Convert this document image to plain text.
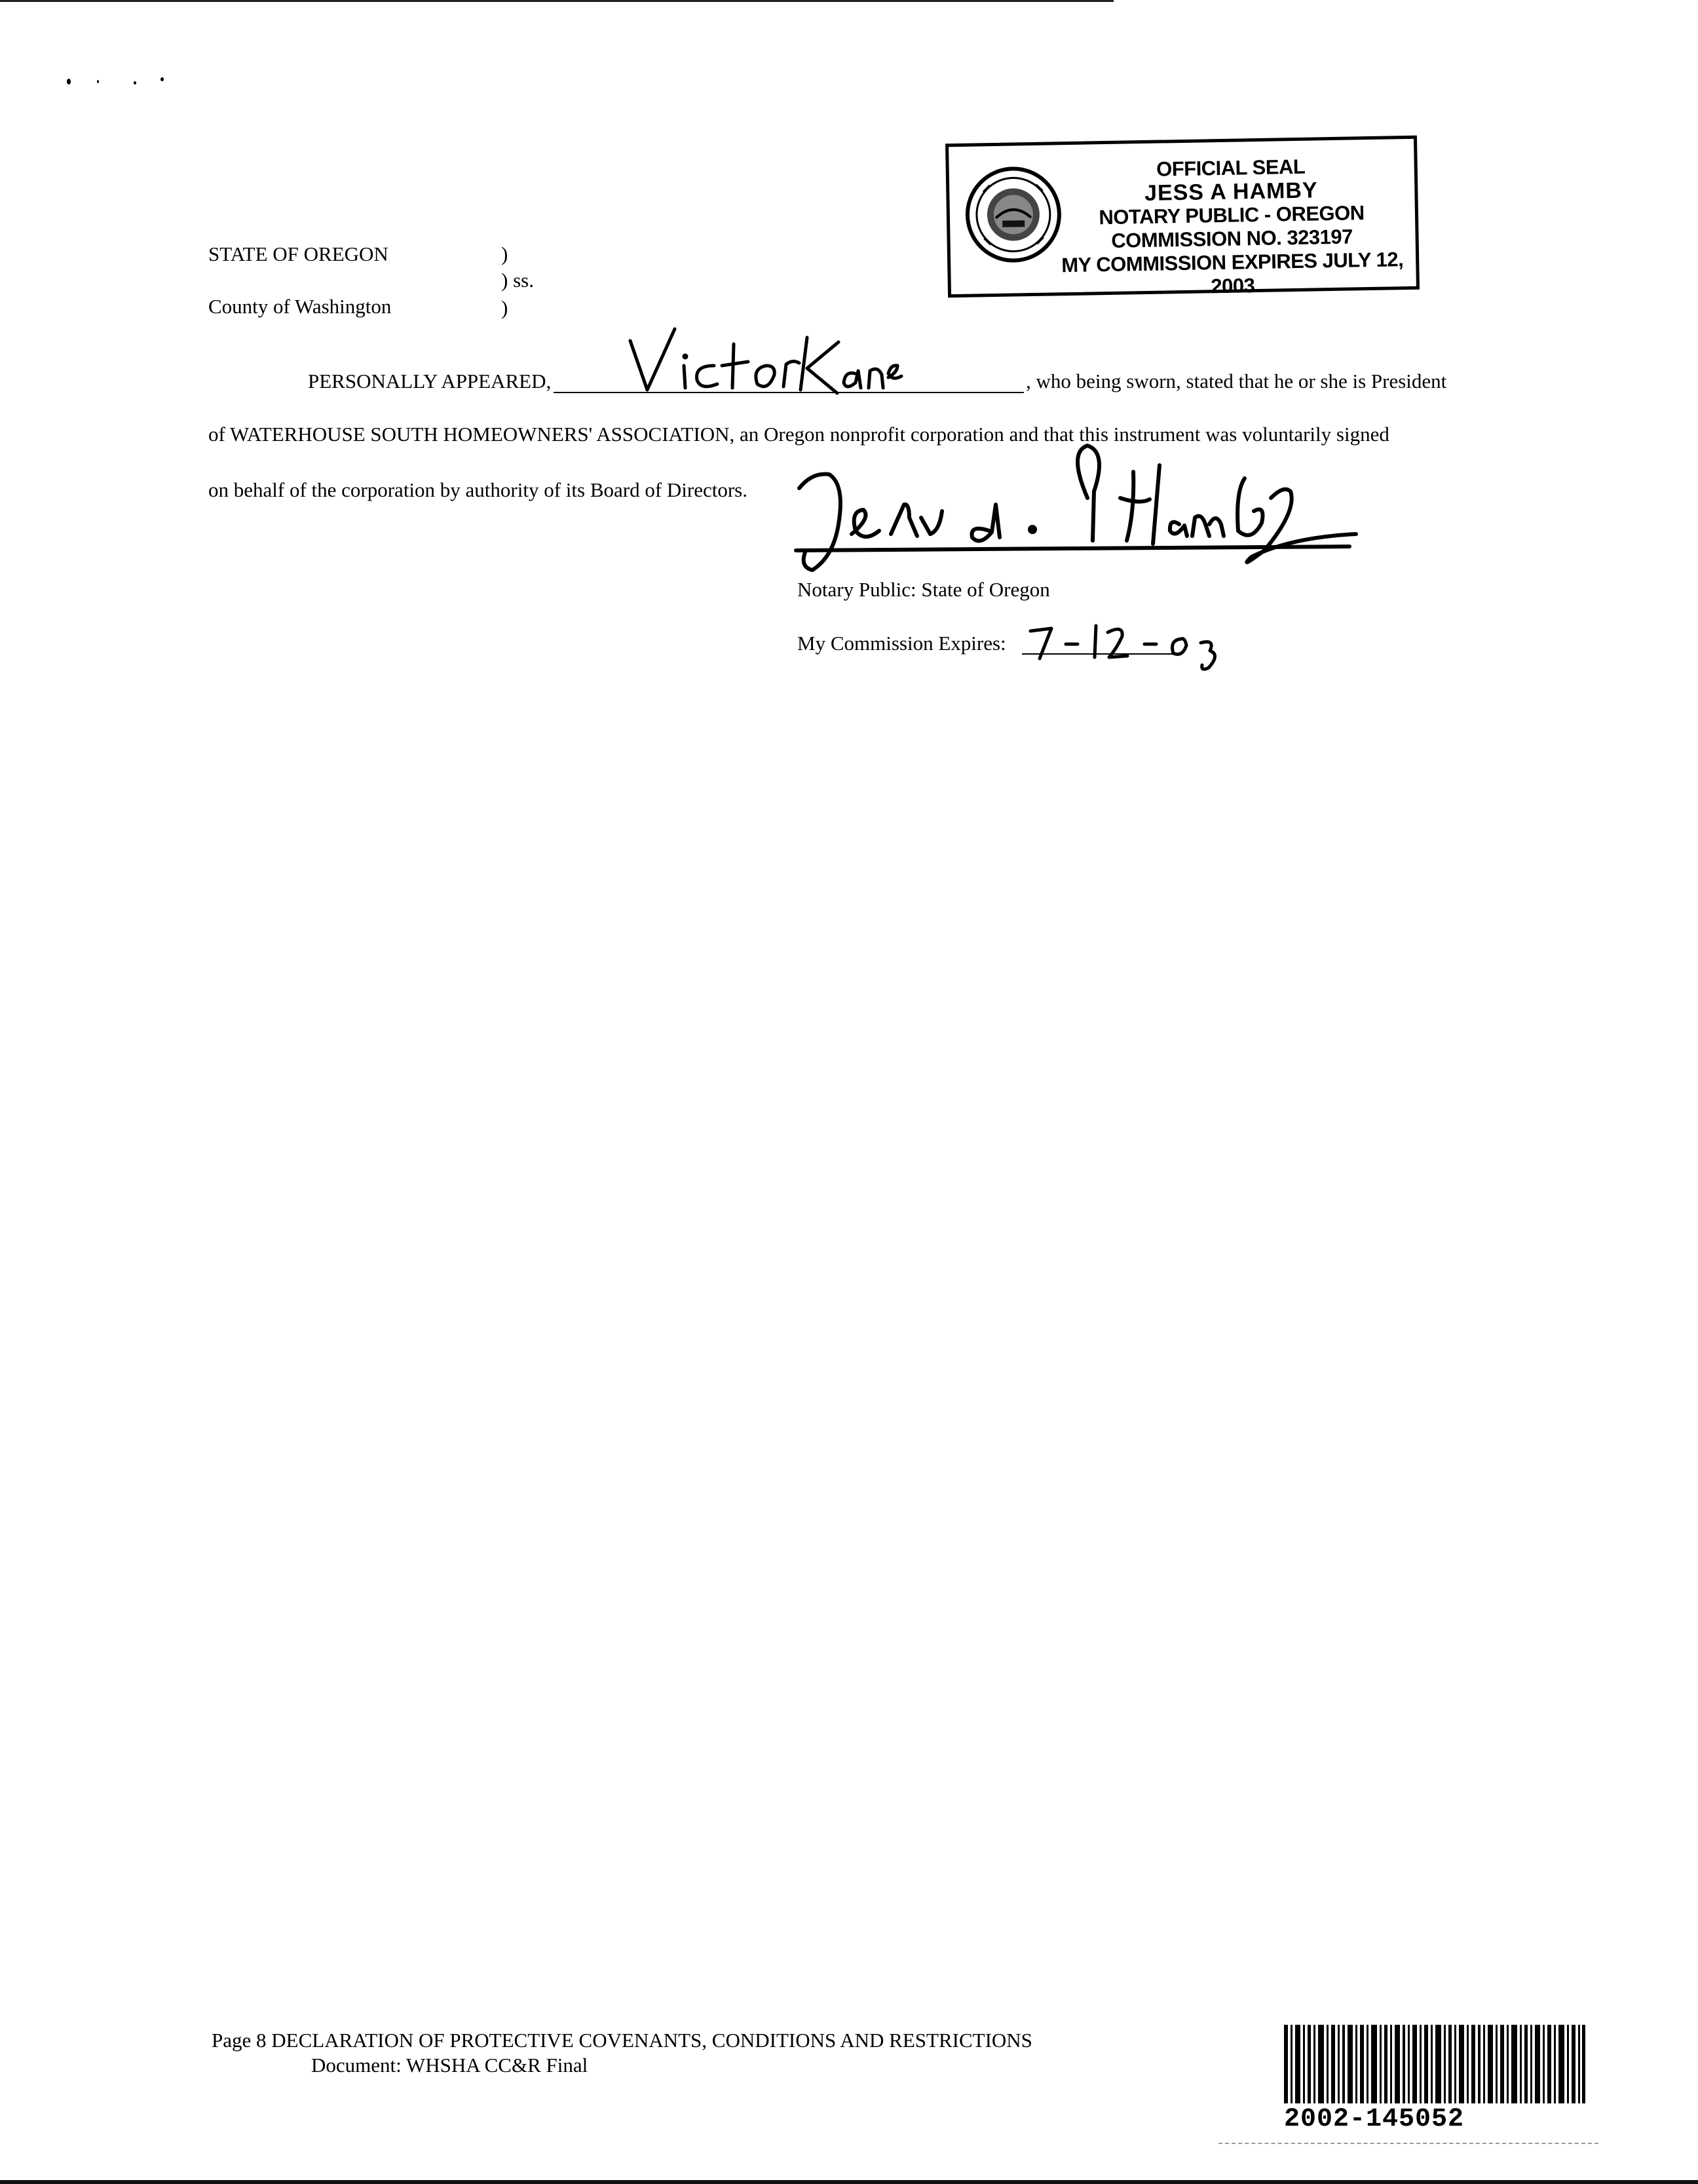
OFFICIAL SEAL
JESS A HAMBY
NOTARY PUBLIC - OREGON
COMMISSION NO. 323197
MY COMMISSION EXPIRES JULY 12, 2003
STATE OF OREGON	)
) ss.
County of Washington	)
PERSONALLY APPEARED,	, who being sworn, stated that he or she is President
of WATERHOUSE SOUTH HOMEOWNERS' ASSOCIATION, an Oregon nonprofit corporation and that this instrument was voluntarily signed
on behalf of the corporation by authority of its Board of Directors.
Notary Public: State of Oregon
My Commission Expires:
Page 8 DECLARATION OF PROTECTIVE COVENANTS, CONDITIONS AND RESTRICTIONS
Document: WHSHA CC&R Final
2002-145052
